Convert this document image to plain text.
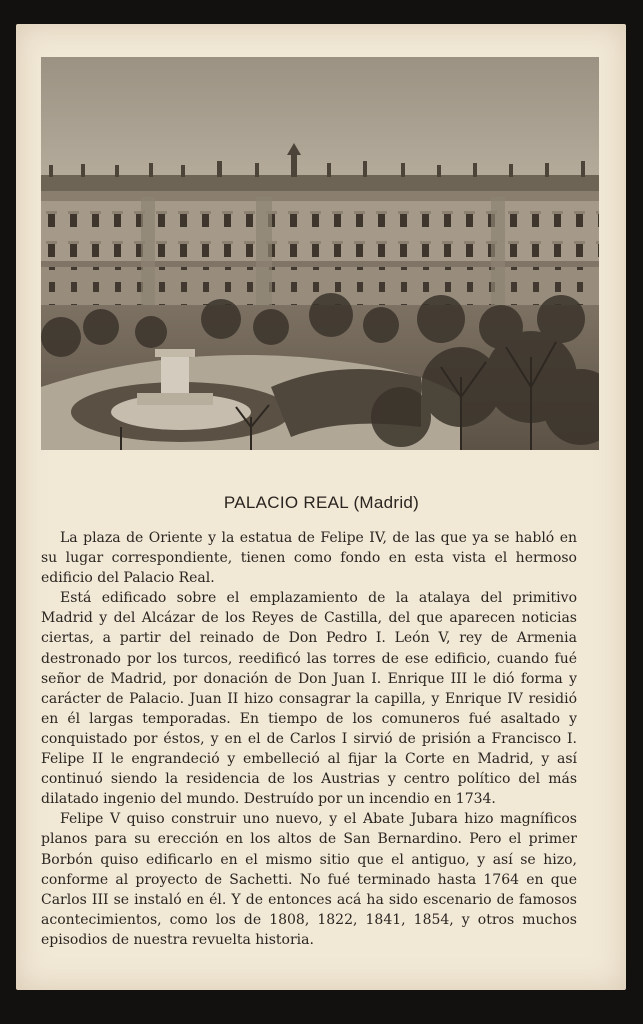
PALACIO REAL (Madrid)

La plaza de Oriente y la estatua de Felipe IV, de las que ya se habló en su lugar correspondiente, tienen como fondo en esta vista el hermoso edificio del Palacio Real.

Está edificado sobre el emplazamiento de la atalaya del primitivo Madrid y del Alcázar de los Reyes de Castilla, del que aparecen noticias ciertas, a partir del reinado de Don Pedro I. León V, rey de Armenia destronado por los turcos, reedificó las torres de ese edificio, cuando fué señor de Madrid, por donación de Don Juan I. Enrique III le dió forma y carácter de Palacio. Juan II hizo consagrar la capilla, y Enrique IV residió en él largas temporadas. En tiempo de los comuneros fué asaltado y conquistado por éstos, y en el de Carlos I sirvió de prisión a Francisco I. Felipe II le engrandeció y embelleció al fijar la Corte en Madrid, y así continuó siendo la residencia de los Austrias y centro político del más dilatado ingenio del mundo. Destruído por un incendio en 1734.

Felipe V quiso construir uno nuevo, y el Abate Jubara hizo magníficos planos para su erección en los altos de San Bernardino. Pero el primer Borbón quiso edificarlo en el mismo sitio que el antiguo, y así se hizo, conforme al proyecto de Sachetti. No fué terminado hasta 1764 en que Carlos III se instaló en él. Y de entonces acá ha sido escenario de famosos acontecimientos, como los de 1808, 1822, 1841, 1854, y otros muchos episodios de nuestra revuelta historia.
